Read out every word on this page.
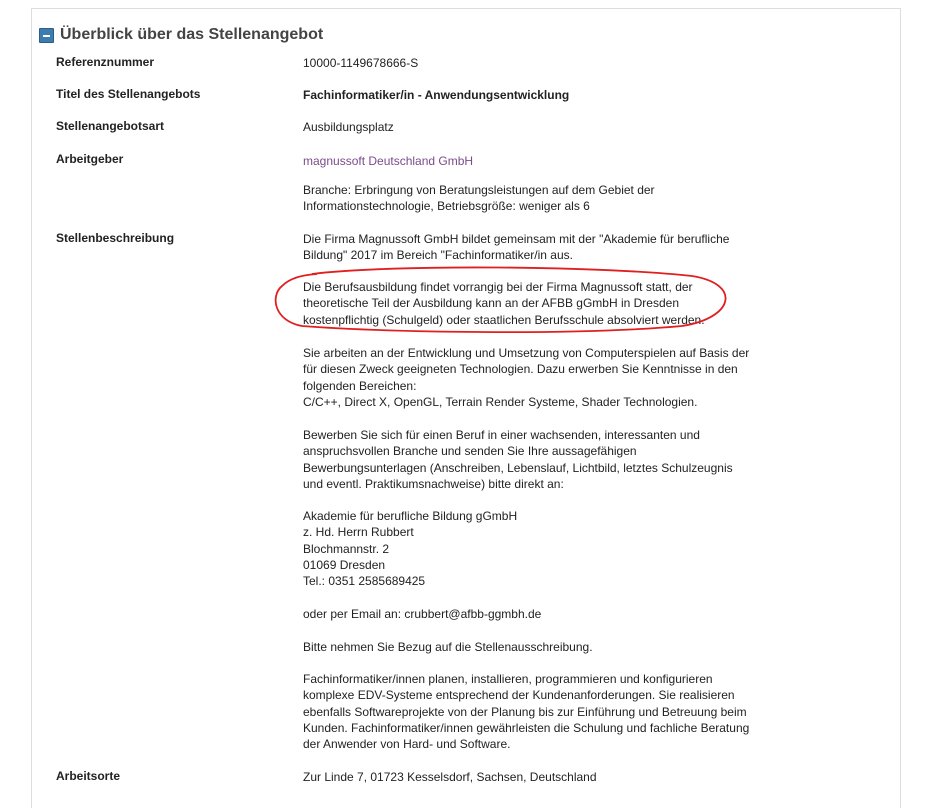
Überblick über das Stellenangebot
Referenznummer	10000-1149678666-S
Titel des Stellenangebots	Fachinformatiker/in - Anwendungsentwicklung
Stellenangebotsart	Ausbildungsplatz
Arbeitgeber	magnussoft Deutschland GmbH
Branche: Erbringung von Beratungsleistungen auf dem Gebiet der
Informationstechnologie, Betriebsgröße: weniger als 6
Stellenbeschreibung	Die Firma Magnussoft GmbH bildet gemeinsam mit der "Akademie für berufliche
Bildung" 2017 im Bereich "Fachinformatiker/in aus.
Die Berufsausbildung findet vorrangig bei der Firma Magnussoft statt, der
theoretische Teil der Ausbildung kann an der AFBB gGmbH in Dresden
kostenpflichtig (Schulgeld) oder staatlichen Berufsschule absolviert werden.
Sie arbeiten an der Entwicklung und Umsetzung von Computerspielen auf Basis der
für diesen Zweck geeigneten Technologien. Dazu erwerben Sie Kenntnisse in den
folgenden Bereichen:
C/C++, Direct X, OpenGL, Terrain Render Systeme, Shader Technologien.
Bewerben Sie sich für einen Beruf in einer wachsenden, interessanten und
anspruchsvollen Branche und senden Sie Ihre aussagefähigen
Bewerbungsunterlagen (Anschreiben, Lebenslauf, Lichtbild, letztes Schulzeugnis
und eventl. Praktikumsnachweise) bitte direkt an:
Akademie für berufliche Bildung gGmbH
z. Hd. Herrn Rubbert
Blochmannstr. 2
01069 Dresden
Tel.: 0351 2585689425
oder per Email an: crubbert@afbb-ggmbh.de
Bitte nehmen Sie Bezug auf die Stellenausschreibung.
Fachinformatiker/innen planen, installieren, programmieren und konfigurieren
komplexe EDV-Systeme entsprechend der Kundenanforderungen. Sie realisieren
ebenfalls Softwareprojekte von der Planung bis zur Einführung und Betreuung beim
Kunden. Fachinformatiker/innen gewährleisten die Schulung und fachliche Beratung
der Anwender von Hard- und Software.
Arbeitsorte	Zur Linde 7, 01723 Kesselsdorf, Sachsen, Deutschland
